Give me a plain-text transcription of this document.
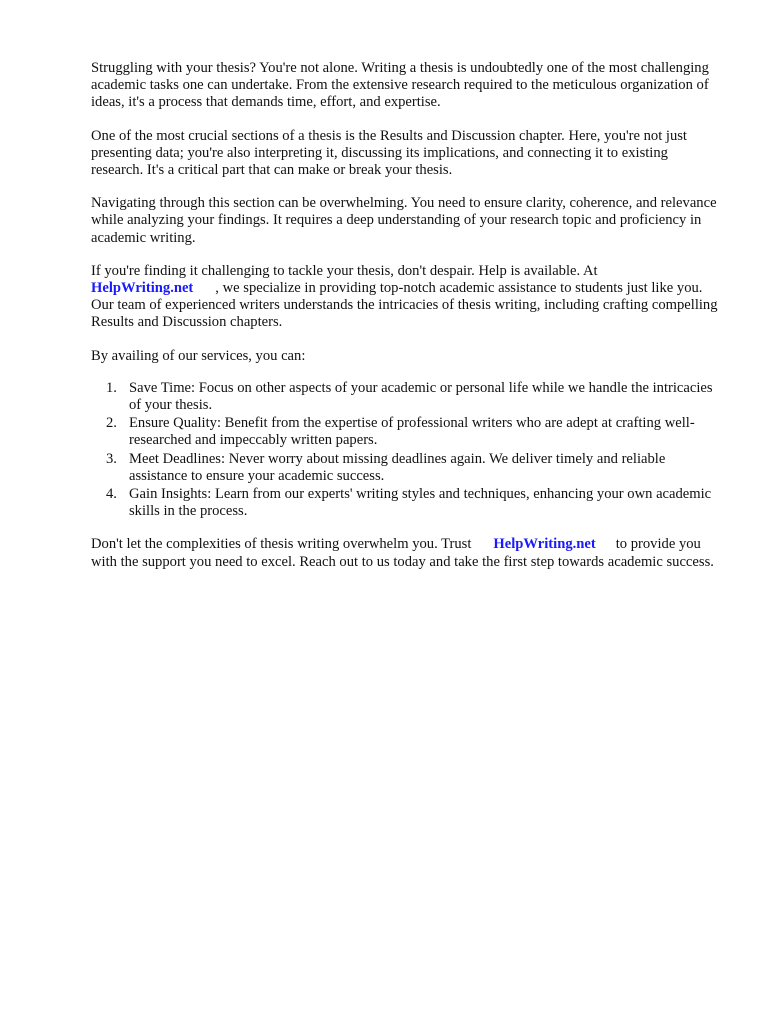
Struggling with your thesis? You're not alone. Writing a thesis is undoubtedly one of the most challenging academic tasks one can undertake. From the extensive research required to the meticulous organization of ideas, it's a process that demands time, effort, and expertise.

One of the most crucial sections of a thesis is the Results and Discussion chapter. Here, you're not just presenting data; you're also interpreting it, discussing its implications, and connecting it to existing research. It's a critical part that can make or break your thesis.

Navigating through this section can be overwhelming. You need to ensure clarity, coherence, and relevance while analyzing your findings. It requires a deep understanding of your research topic and proficiency in academic writing.

If you're finding it challenging to tackle your thesis, don't despair. Help is available. At
HelpWriting.net , we specialize in providing top-notch academic assistance to students just like you. Our team of experienced writers understands the intricacies of thesis writing, including crafting compelling Results and Discussion chapters.

By availing of our services, you can:

1. Save Time: Focus on other aspects of your academic or personal life while we handle the intricacies of your thesis.
2. Ensure Quality: Benefit from the expertise of professional writers who are adept at crafting well-researched and impeccably written papers.
3. Meet Deadlines: Never worry about missing deadlines again. We deliver timely and reliable assistance to ensure your academic success.
4. Gain Insights: Learn from our experts' writing styles and techniques, enhancing your own academic skills in the process.

Don't let the complexities of thesis writing overwhelm you. Trust HelpWriting.net to provide you with the support you need to excel. Reach out to us today and take the first step towards academic success.
